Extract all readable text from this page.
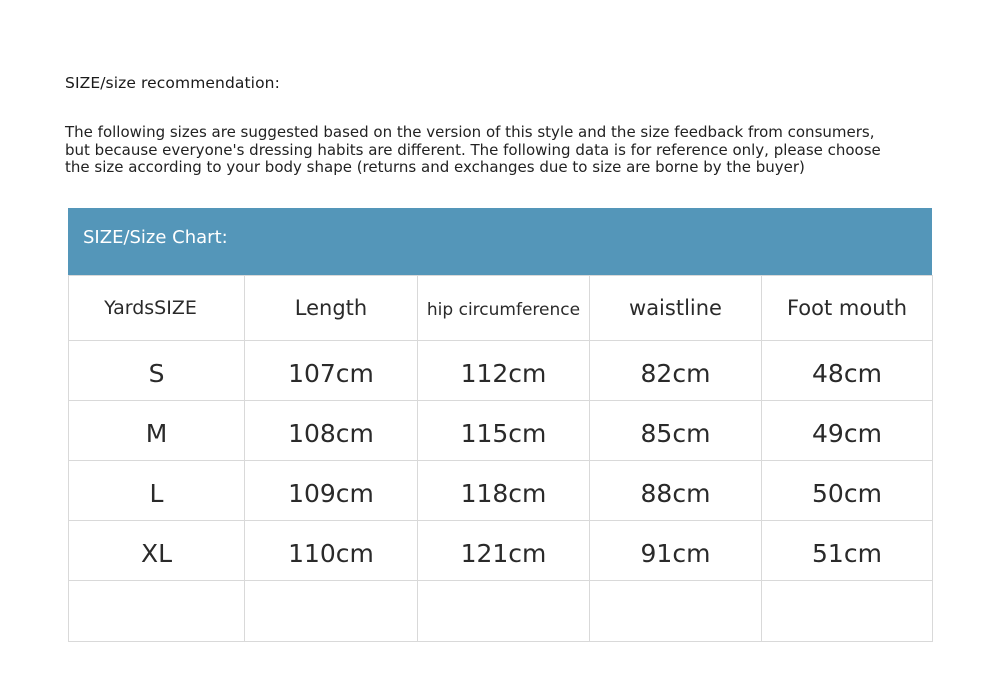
SIZE/size recommendation:
The following sizes are suggested based on the version of this style and the size feedback from consumers,
but because everyone's dressing habits are different. The following data is for reference only, please choose
the size according to your body shape (returns and exchanges due to size are borne by the buyer)
SIZE/Size Chart:
YardsSIZE	Length	hip circumference	waistline	Foot mouth
S	107cm	112cm	82cm	48cm
M	108cm	115cm	85cm	49cm
L	109cm	118cm	88cm	50cm
XL	110cm	121cm	91cm	51cm
